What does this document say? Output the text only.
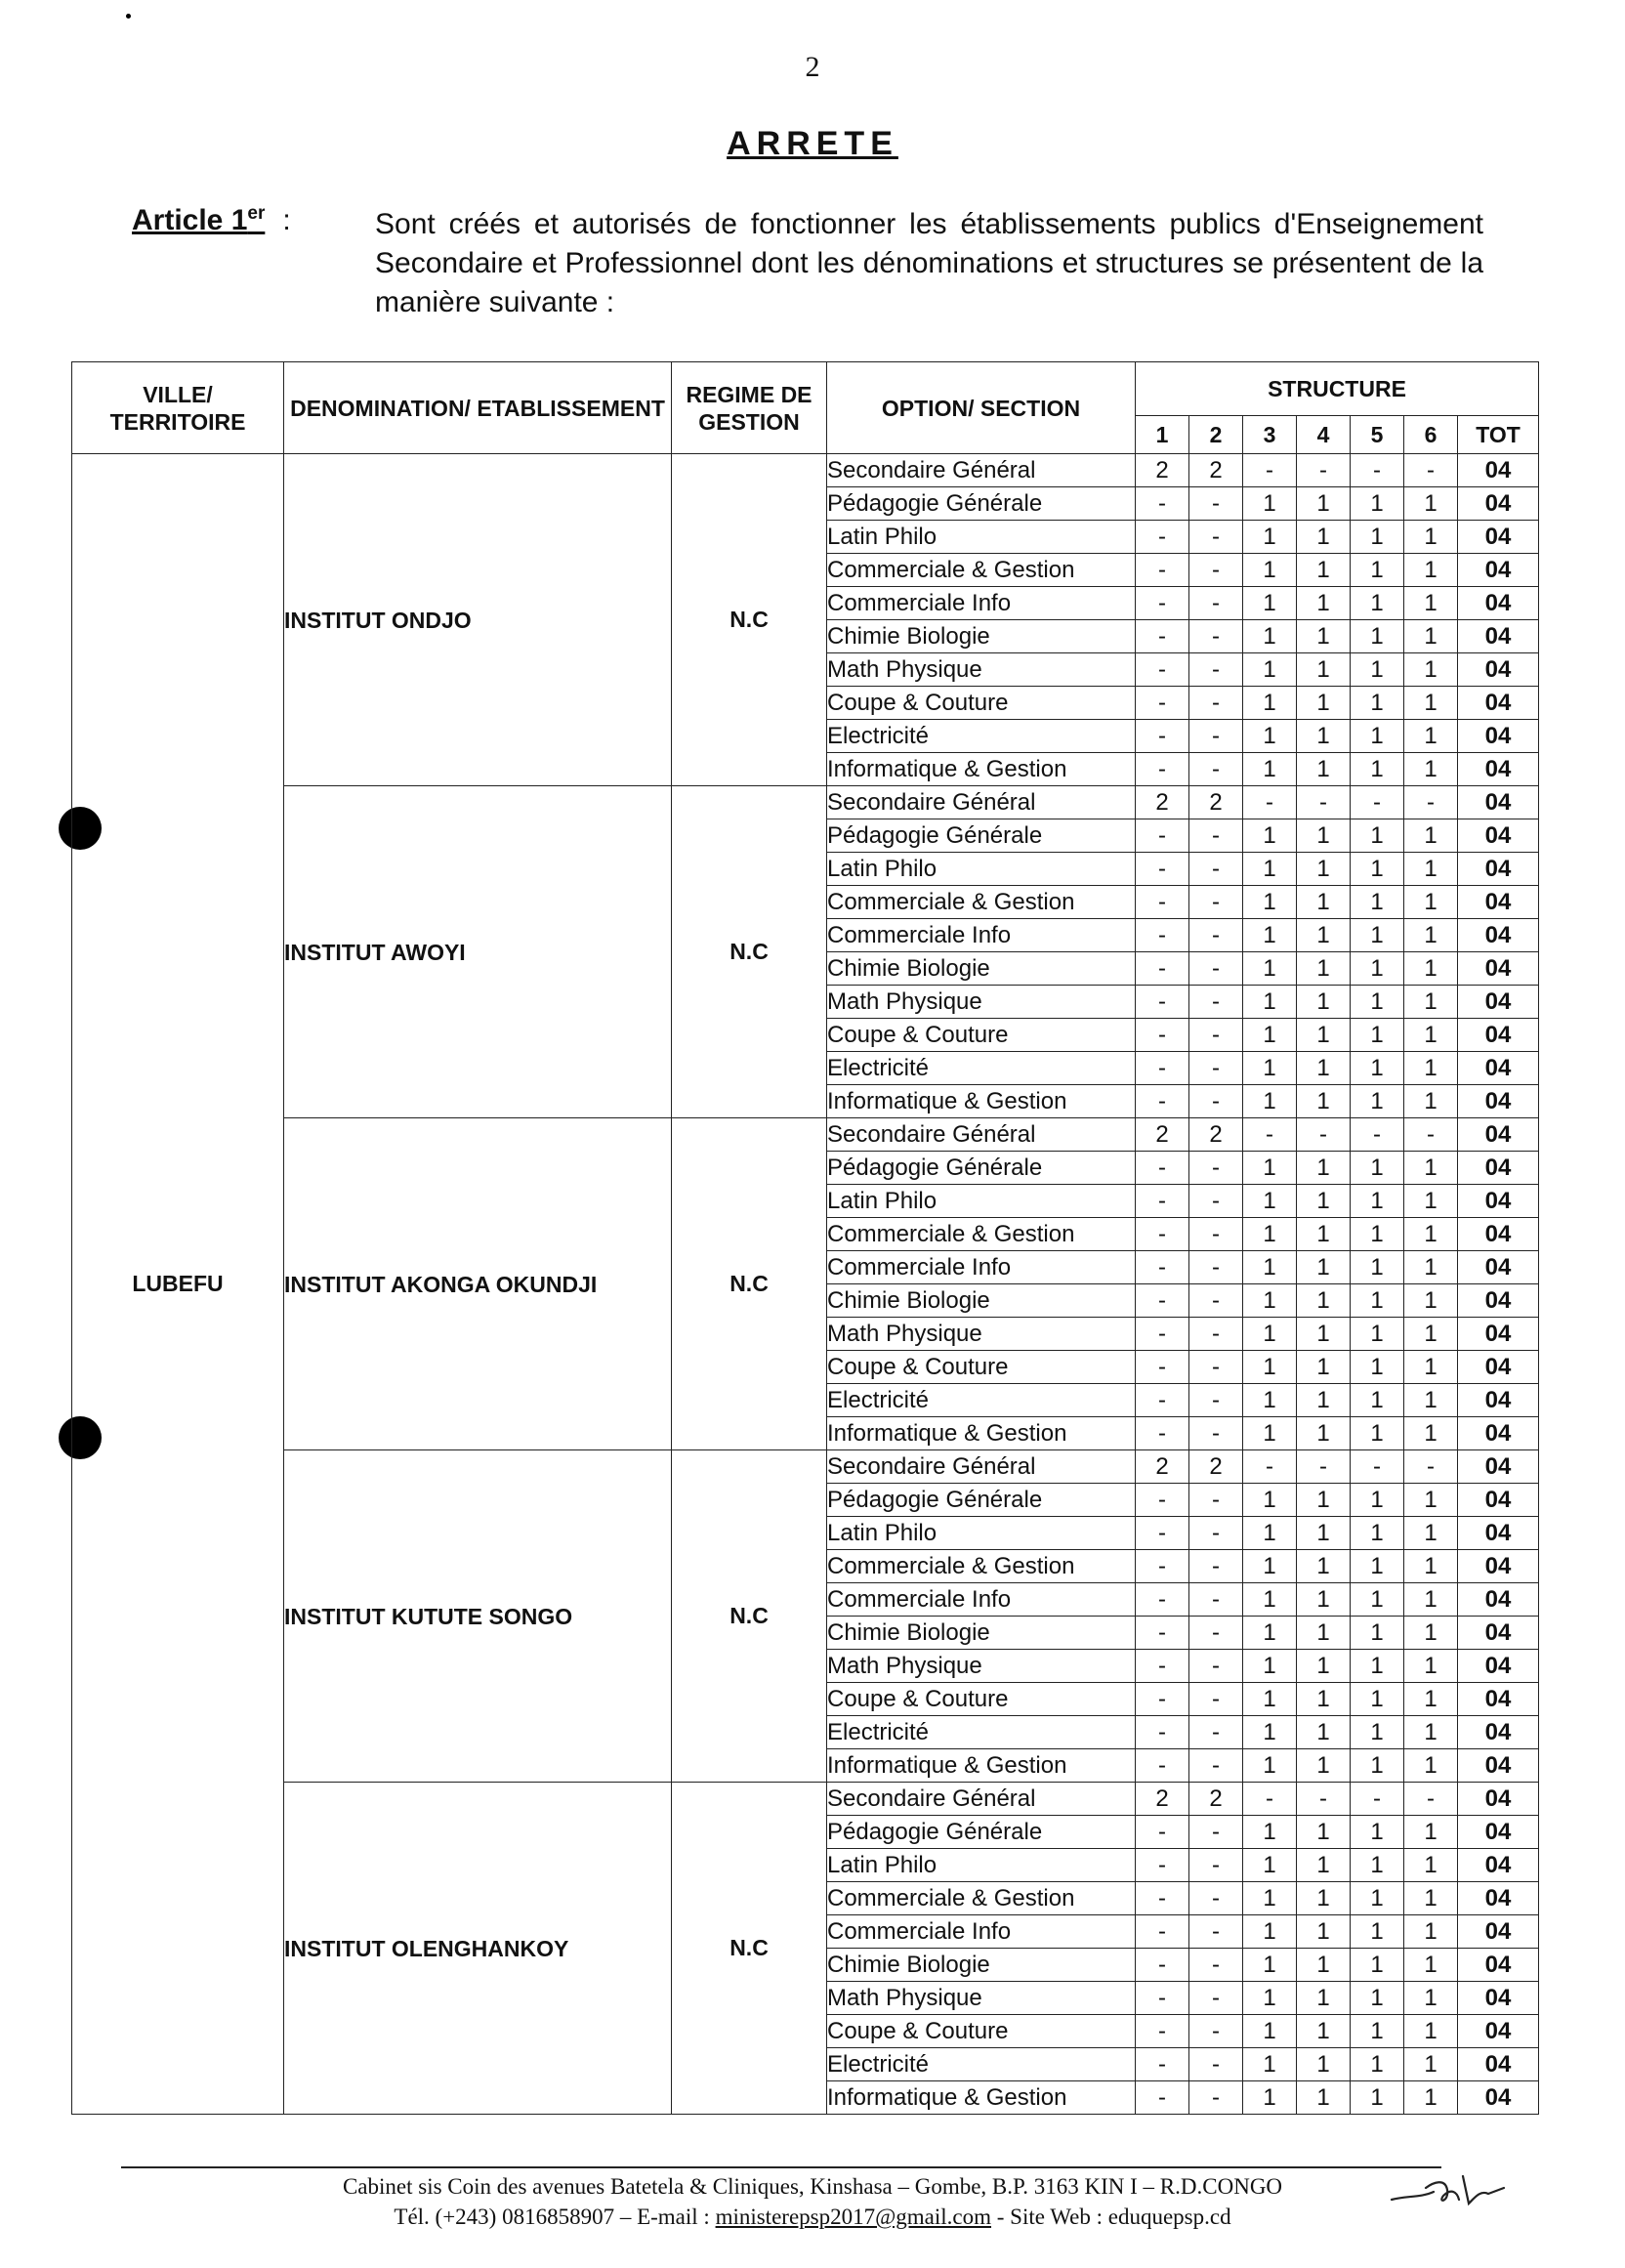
2
ARRETE
Article 1er :	Sont créés et autorisés de fonctionner les établissements publics d'Enseignement Secondaire et Professionnel dont les dénominations et structures se présentent de la manière suivante :
VILLE/ TERRITOIRE	DENOMINATION/ ETABLISSEMENT	REGIME DE GESTION	OPTION/ SECTION	STRUCTURE						
				1	2	3	4	5	6	TOT
LUBEFU	INSTITUT ONDJO	N.C	Secondaire Général	2	2	-	-	-	-	04
			Pédagogie Générale	-	-	1	1	1	1	04
			Latin Philo	-	-	1	1	1	1	04
			Commerciale & Gestion	-	-	1	1	1	1	04
			Commerciale Info	-	-	1	1	1	1	04
			Chimie Biologie	-	-	1	1	1	1	04
			Math Physique	-	-	1	1	1	1	04
			Coupe & Couture	-	-	1	1	1	1	04
			Electricité	-	-	1	1	1	1	04
			Informatique & Gestion	-	-	1	1	1	1	04
	INSTITUT AWOYI	N.C	Secondaire Général	2	2	-	-	-	-	04
			Pédagogie Générale	-	-	1	1	1	1	04
			Latin Philo	-	-	1	1	1	1	04
			Commerciale & Gestion	-	-	1	1	1	1	04
			Commerciale Info	-	-	1	1	1	1	04
			Chimie Biologie	-	-	1	1	1	1	04
			Math Physique	-	-	1	1	1	1	04
			Coupe & Couture	-	-	1	1	1	1	04
			Electricité	-	-	1	1	1	1	04
			Informatique & Gestion	-	-	1	1	1	1	04
	INSTITUT AKONGA OKUNDJI	N.C	Secondaire Général	2	2	-	-	-	-	04
			Pédagogie Générale	-	-	1	1	1	1	04
			Latin Philo	-	-	1	1	1	1	04
			Commerciale & Gestion	-	-	1	1	1	1	04
			Commerciale Info	-	-	1	1	1	1	04
			Chimie Biologie	-	-	1	1	1	1	04
			Math Physique	-	-	1	1	1	1	04
			Coupe & Couture	-	-	1	1	1	1	04
			Electricité	-	-	1	1	1	1	04
			Informatique & Gestion	-	-	1	1	1	1	04
	INSTITUT KUTUTE SONGO	N.C	Secondaire Général	2	2	-	-	-	-	04
			Pédagogie Générale	-	-	1	1	1	1	04
			Latin Philo	-	-	1	1	1	1	04
			Commerciale & Gestion	-	-	1	1	1	1	04
			Commerciale Info	-	-	1	1	1	1	04
			Chimie Biologie	-	-	1	1	1	1	04
			Math Physique	-	-	1	1	1	1	04
			Coupe & Couture	-	-	1	1	1	1	04
			Electricité	-	-	1	1	1	1	04
			Informatique & Gestion	-	-	1	1	1	1	04
	INSTITUT OLENGHANKOY	N.C	Secondaire Général	2	2	-	-	-	-	04
			Pédagogie Générale	-	-	1	1	1	1	04
			Latin Philo	-	-	1	1	1	1	04
			Commerciale & Gestion	-	-	1	1	1	1	04
			Commerciale Info	-	-	1	1	1	1	04
			Chimie Biologie	-	-	1	1	1	1	04
			Math Physique	-	-	1	1	1	1	04
			Coupe & Couture	-	-	1	1	1	1	04
			Electricité	-	-	1	1	1	1	04
			Informatique & Gestion	-	-	1	1	1	1	04
Cabinet sis Coin des avenues Batetela & Cliniques, Kinshasa – Gombe, B.P. 3163 KIN I – R.D.CONGO
Tél. (+243) 0816858907 – E-mail : ministerepsp2017@gmail.com - Site Web : eduquepsp.cd
